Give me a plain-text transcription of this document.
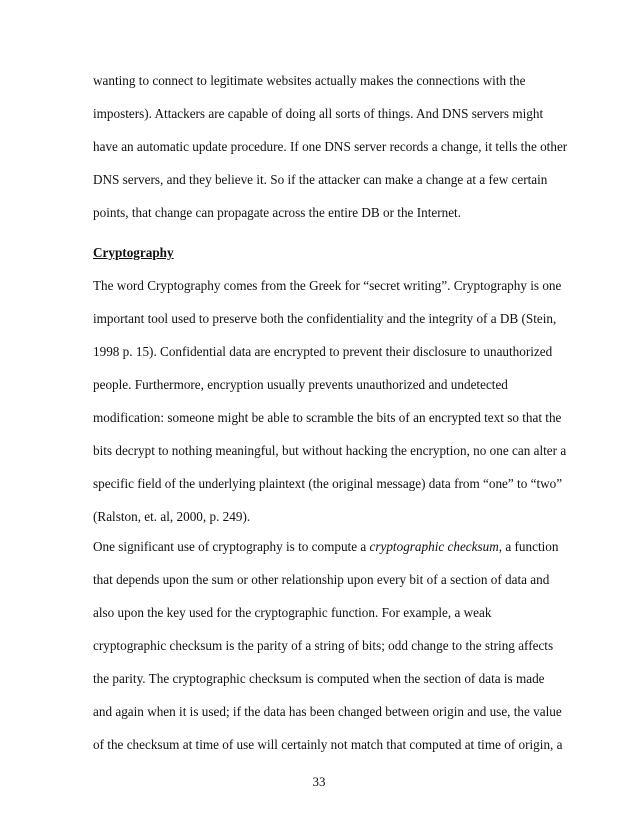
wanting to connect to legitimate websites actually makes the connections with the
imposters). Attackers are capable of doing all sorts of things. And DNS servers might
have an automatic update procedure. If one DNS server records a change, it tells the other
DNS servers, and they believe it. So if the attacker can make a change at a few certain
points, that change can propagate across the entire DB or the Internet.
Cryptography
The word Cryptography comes from the Greek for “secret writing”. Cryptography is one
important tool used to preserve both the confidentiality and the integrity of a DB (Stein,
1998 p. 15). Confidential data are encrypted to prevent their disclosure to unauthorized
people. Furthermore, encryption usually prevents unauthorized and undetected
modification: someone might be able to scramble the bits of an encrypted text so that the
bits decrypt to nothing meaningful, but without hacking the encryption, no one can alter a
specific field of the underlying plaintext (the original message) data from “one” to “two”
(Ralston, et. al, 2000, p. 249).
One significant use of cryptography is to compute a cryptographic checksum, a function
that depends upon the sum or other relationship upon every bit of a section of data and
also upon the key used for the cryptographic function. For example, a weak
cryptographic checksum is the parity of a string of bits; odd change to the string affects
the parity. The cryptographic checksum is computed when the section of data is made
and again when it is used; if the data has been changed between origin and use, the value
of the checksum at time of use will certainly not match that computed at time of origin, a
33
